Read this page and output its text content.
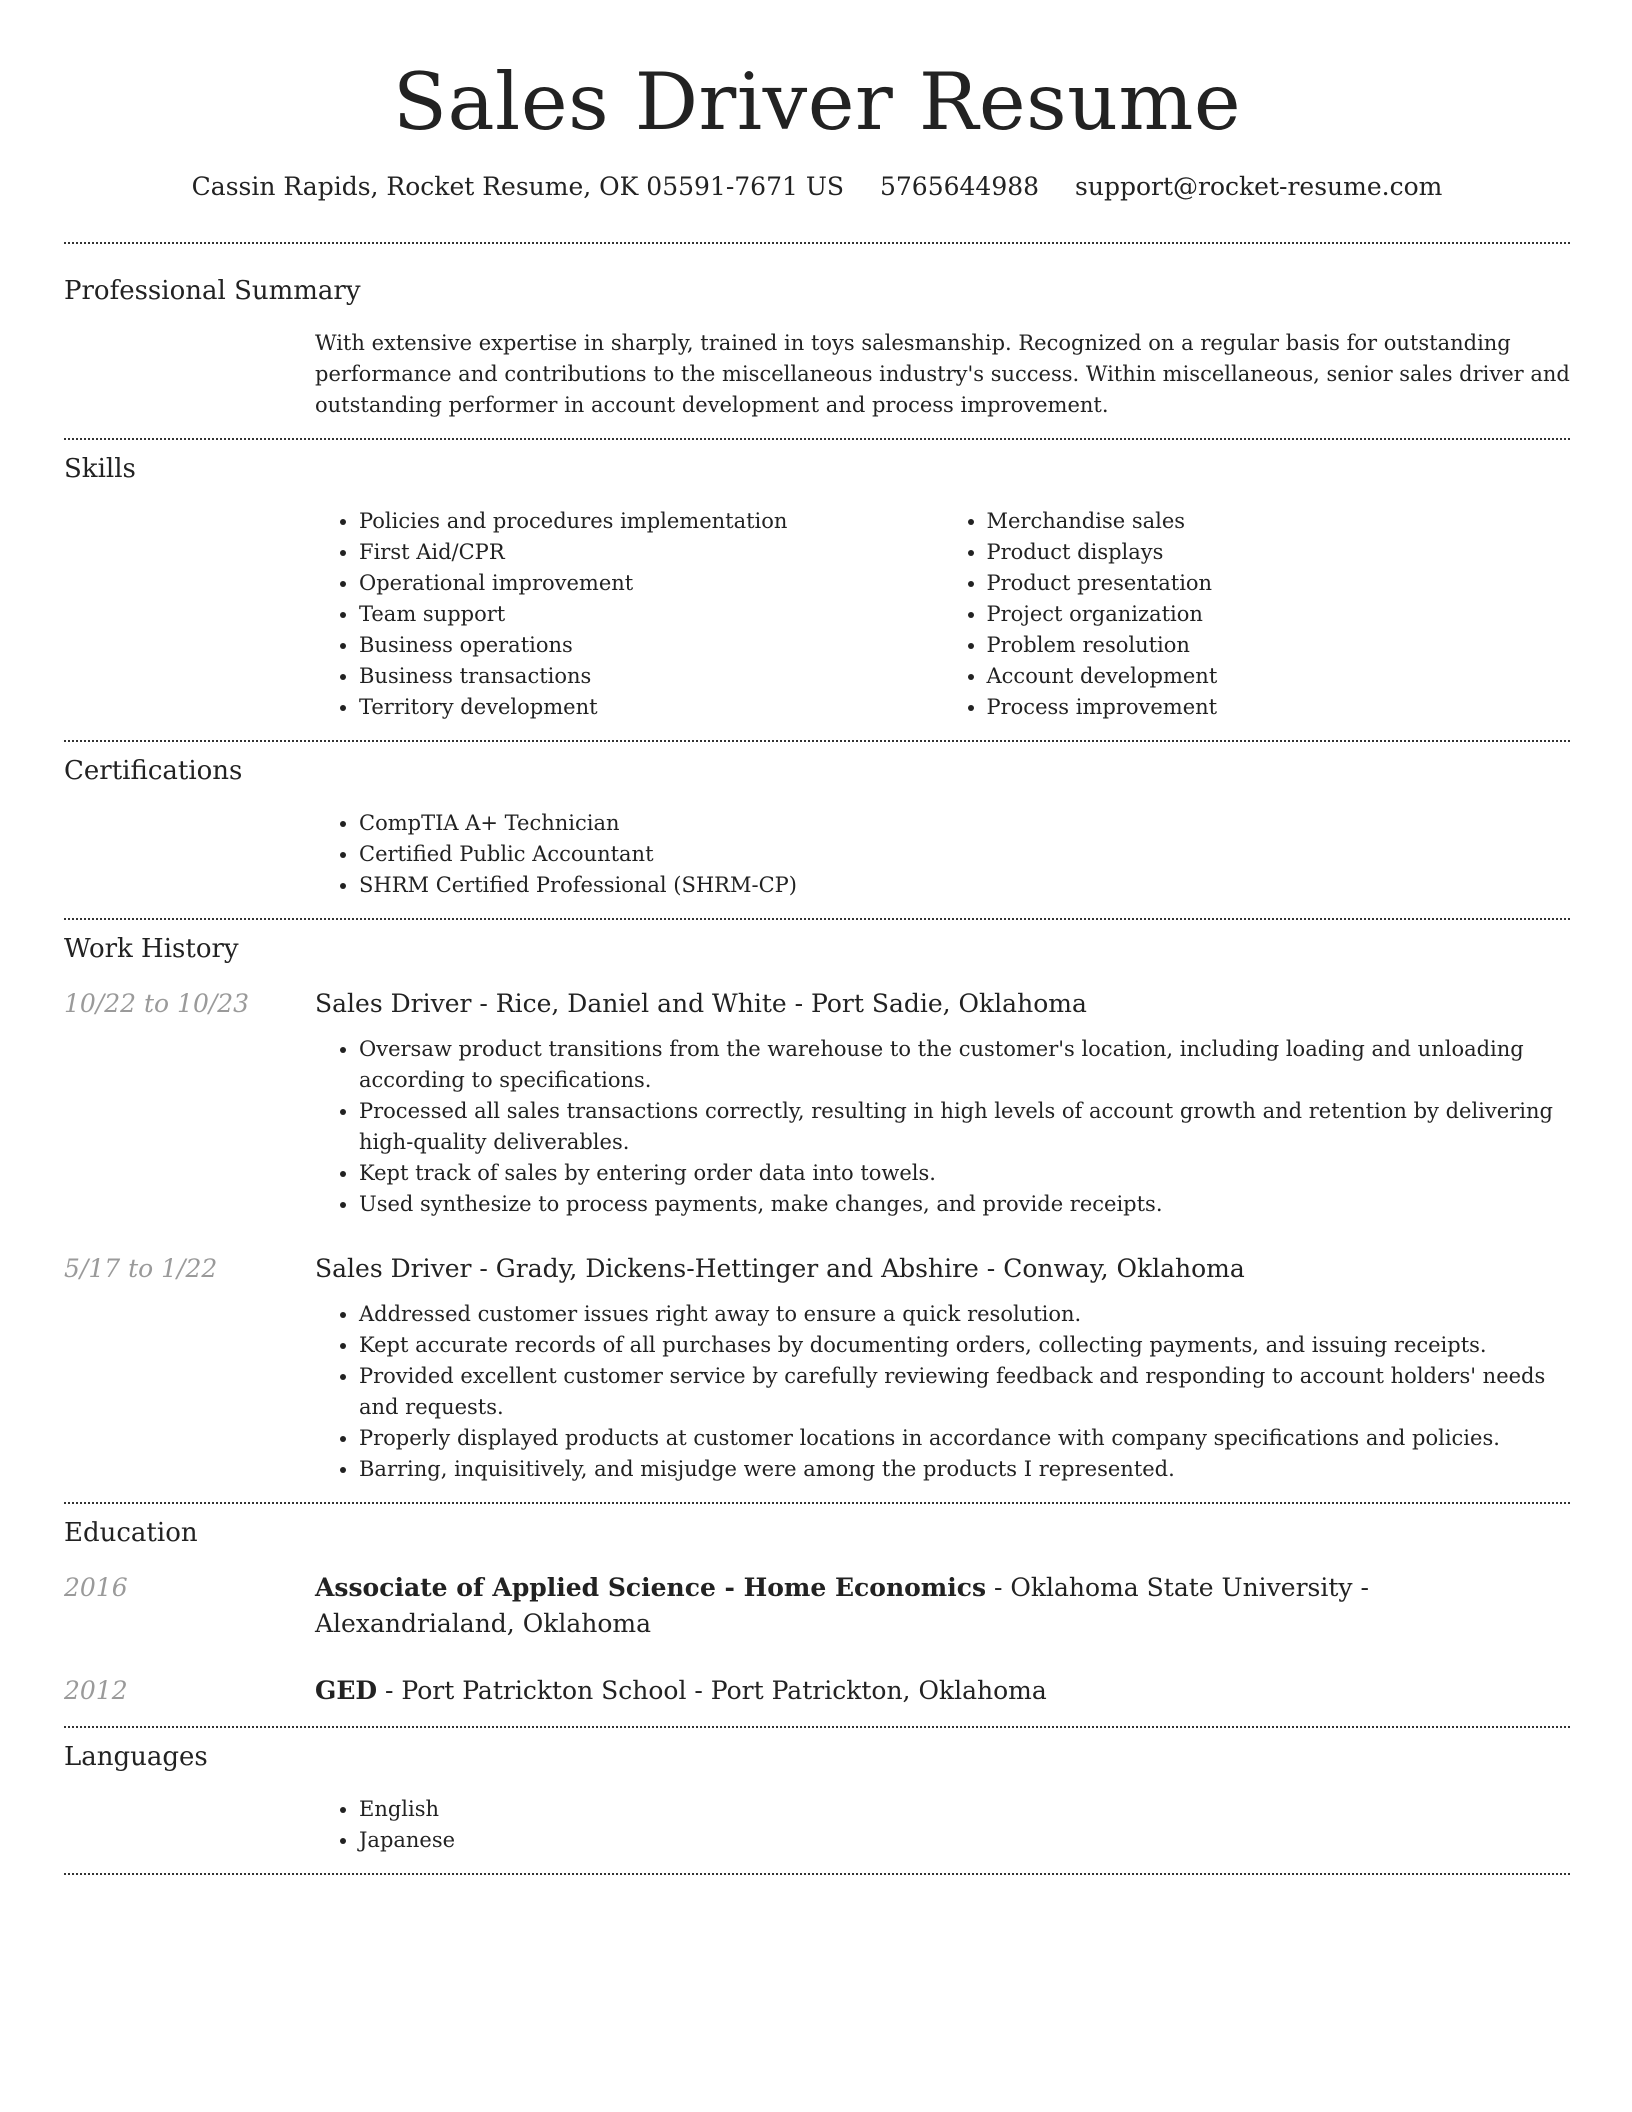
Sales Driver Resume
Cassin Rapids, Rocket Resume, OK 05591-7671 US 5765644988 support@rocket-resume.com
Professional Summary

With extensive expertise in sharply, trained in toys salesmanship. Recognized on a regular basis for outstanding performance and contributions to the miscellaneous industry's success. Within miscellaneous, senior sales driver and outstanding performer in account development and process improvement.

Skills
• Policies and procedures implementation
• First Aid/CPR
• Operational improvement
• Team support
• Business operations
• Business transactions
• Territory development
• Merchandise sales
• Product displays
• Product presentation
• Project organization
• Problem resolution
• Account development
• Process improvement
Certifications
• CompTIA A+ Technician
• Certified Public Accountant
• SHRM Certified Professional (SHRM-CP)
Work History
10/22 to 10/23	Sales Driver - Rice, Daniel and White - Port Sadie, Oklahoma
• Oversaw product transitions from the warehouse to the customer's location, including loading and unloading according to specifications.
• Processed all sales transactions correctly, resulting in high levels of account growth and retention by delivering high-quality deliverables.
• Kept track of sales by entering order data into towels.
• Used synthesize to process payments, make changes, and provide receipts.
5/17 to 1/22	Sales Driver - Grady, Dickens-Hettinger and Abshire - Conway, Oklahoma
• Addressed customer issues right away to ensure a quick resolution.
• Kept accurate records of all purchases by documenting orders, collecting payments, and issuing receipts.
• Provided excellent customer service by carefully reviewing feedback and responding to account holders' needs and requests.
• Properly displayed products at customer locations in accordance with company specifications and policies.
• Barring, inquisitively, and misjudge were among the products I represented.
Education
2016	Associate of Applied Science - Home Economics - Oklahoma State University - Alexandrialand, Oklahoma
2012	GED - Port Patrickton School - Port Patrickton, Oklahoma
Languages
• English
• Japanese
